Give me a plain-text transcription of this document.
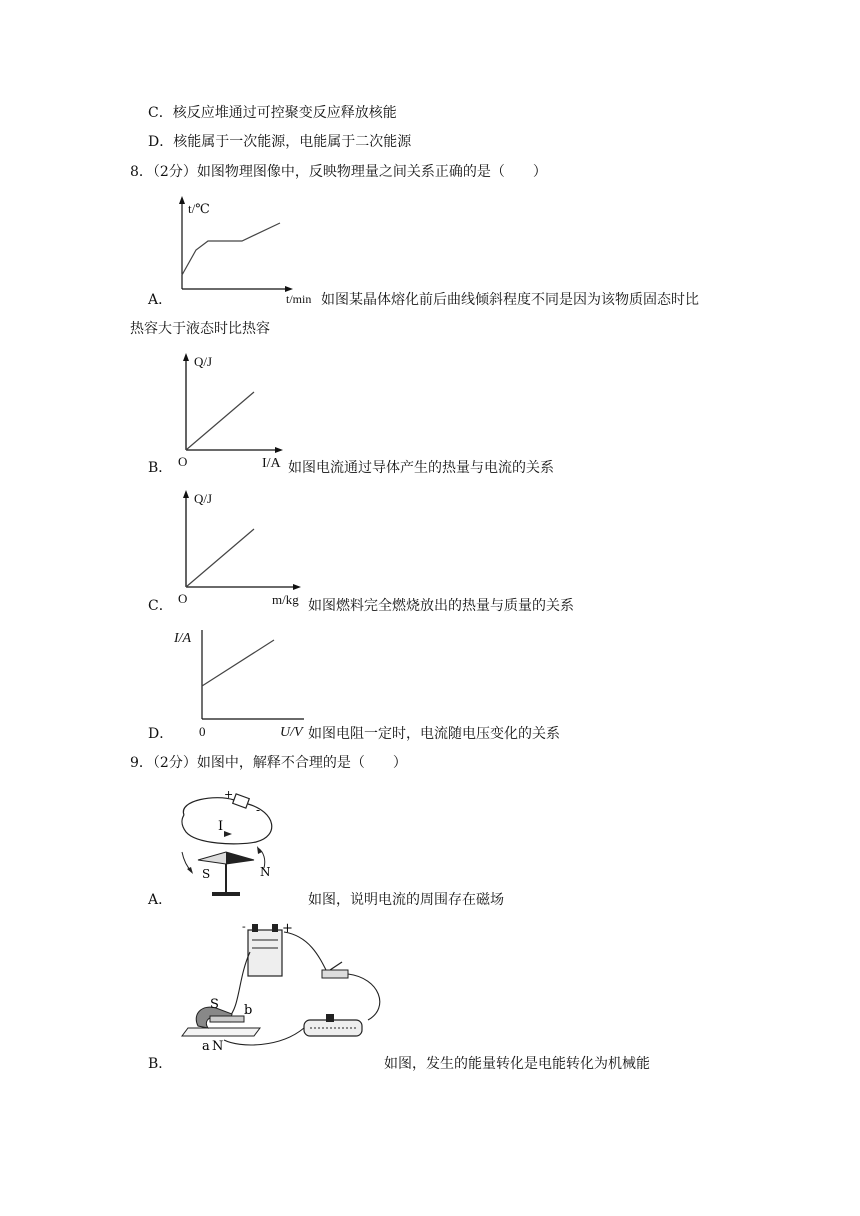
C．核反应堆通过可控聚变反应释放核能
D．核能属于一次能源，电能属于二次能源
8．（2分）如图物理图像中，反映物理量之间关系正确的是（　　）
t/℃
t/min
A．	如图某晶体熔化前后曲线倾斜程度不同是因为该物质固态时比
热容大于液态时比热容
Q/J
O	I/A
B．	如图电流通过导体产生的热量与电流的关系
Q/J
O	m/kg
C．	如图燃料完全燃烧放出的热量与质量的关系
I/A
0	U/V
D．	如图电阻一定时，电流随电压变化的关系
9．（2分）如图中，解释不合理的是（　　）
+
-
I
S	N
A．	如图，说明电流的周围存在磁场
-	+
S b
a N
B．	如图，发生的能量转化是电能转化为机械能
